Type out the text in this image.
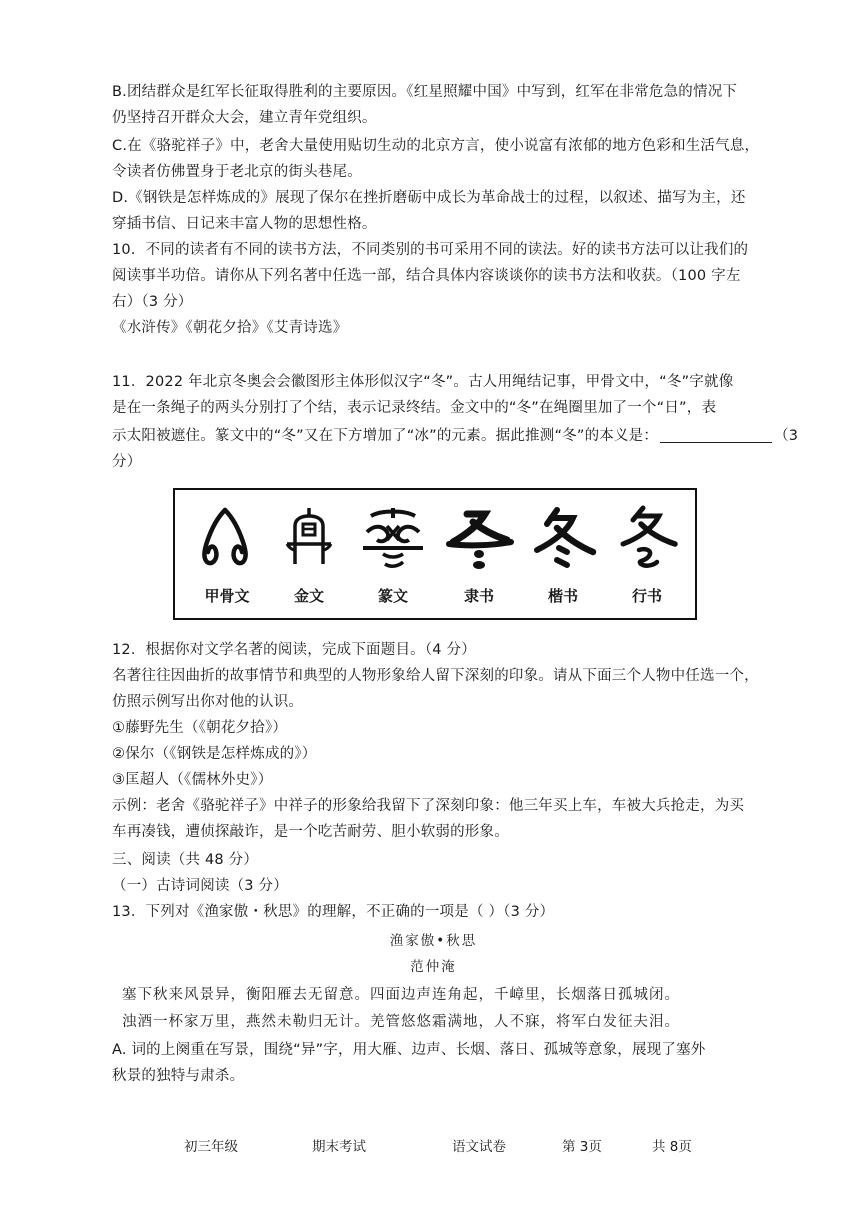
B.团结群众是红军长征取得胜利的主要原因。《红星照耀中国》中写到，红军在非常危急的情况下
仍坚持召开群众大会，建立青年党组织。
C.在《骆驼祥子》中，老舍大量使用贴切生动的北京方言，使小说富有浓郁的地方色彩和生活气息，
令读者仿佛置身于老北京的街头巷尾。
D.《钢铁是怎样炼成的》展现了保尔在挫折磨砺中成长为革命战士的过程，以叙述、描写为主，还
穿插书信、日记来丰富人物的思想性格。
10．不同的读者有不同的读书方法，不同类别的书可采用不同的读法。好的读书方法可以让我们的
阅读事半功倍。请你从下列名著中任选一部，结合具体内容谈谈你的读书方法和收获。（100 字左
右）（3 分）
《水浒传》《朝花夕拾》《艾青诗选》
11．2022 年北京冬奥会会徽图形主体形似汉字“冬”。古人用绳结记事，甲骨文中，“冬”字就像
是在一条绳子的两头分别打了个结，表示记录终结。金文中的“冬”在绳圈里加了一个“日”，表
示太阳被遮住。篆文中的“冬”又在下方增加了“冰”的元素。据此推测“冬”的本义是：	（3
分）
甲骨文	金文	篆文	隶书	楷书	行书
12．根据你对文学名著的阅读，完成下面题目。（4 分）
名著往往因曲折的故事情节和典型的人物形象给人留下深刻的印象。请从下面三个人物中任选一个，
仿照示例写出你对他的认识。
①藤野先生（《朝花夕拾》）
②保尔（《钢铁是怎样炼成的》）
③匡超人（《儒林外史》）
示例：老舍《骆驼祥子》中祥子的形象给我留下了深刻印象：他三年买上车，车被大兵抢走，为买
车再凑钱，遭侦探敲诈，是一个吃苦耐劳、胆小软弱的形象。
三、阅读（共 48 分）
（一）古诗词阅读（3 分）
13．下列对《渔家傲・秋思》的理解，不正确的一项是（ ）（3 分）
渔家傲•秋思
范仲淹
塞下秋来风景异，衡阳雁去无留意。四面边声连角起，千嶂里，长烟落日孤城闭。
浊酒一杯家万里，燕然未勒归无计。羌管悠悠霜满地，人不寐，将军白发征夫泪。
A. 词的上阕重在写景，围绕“异”字，用大雁、边声、长烟、落日、孤城等意象，展现了塞外
秋景的独特与肃杀。
初三年级	期末考试	语文试卷	第 3页	共 8页
